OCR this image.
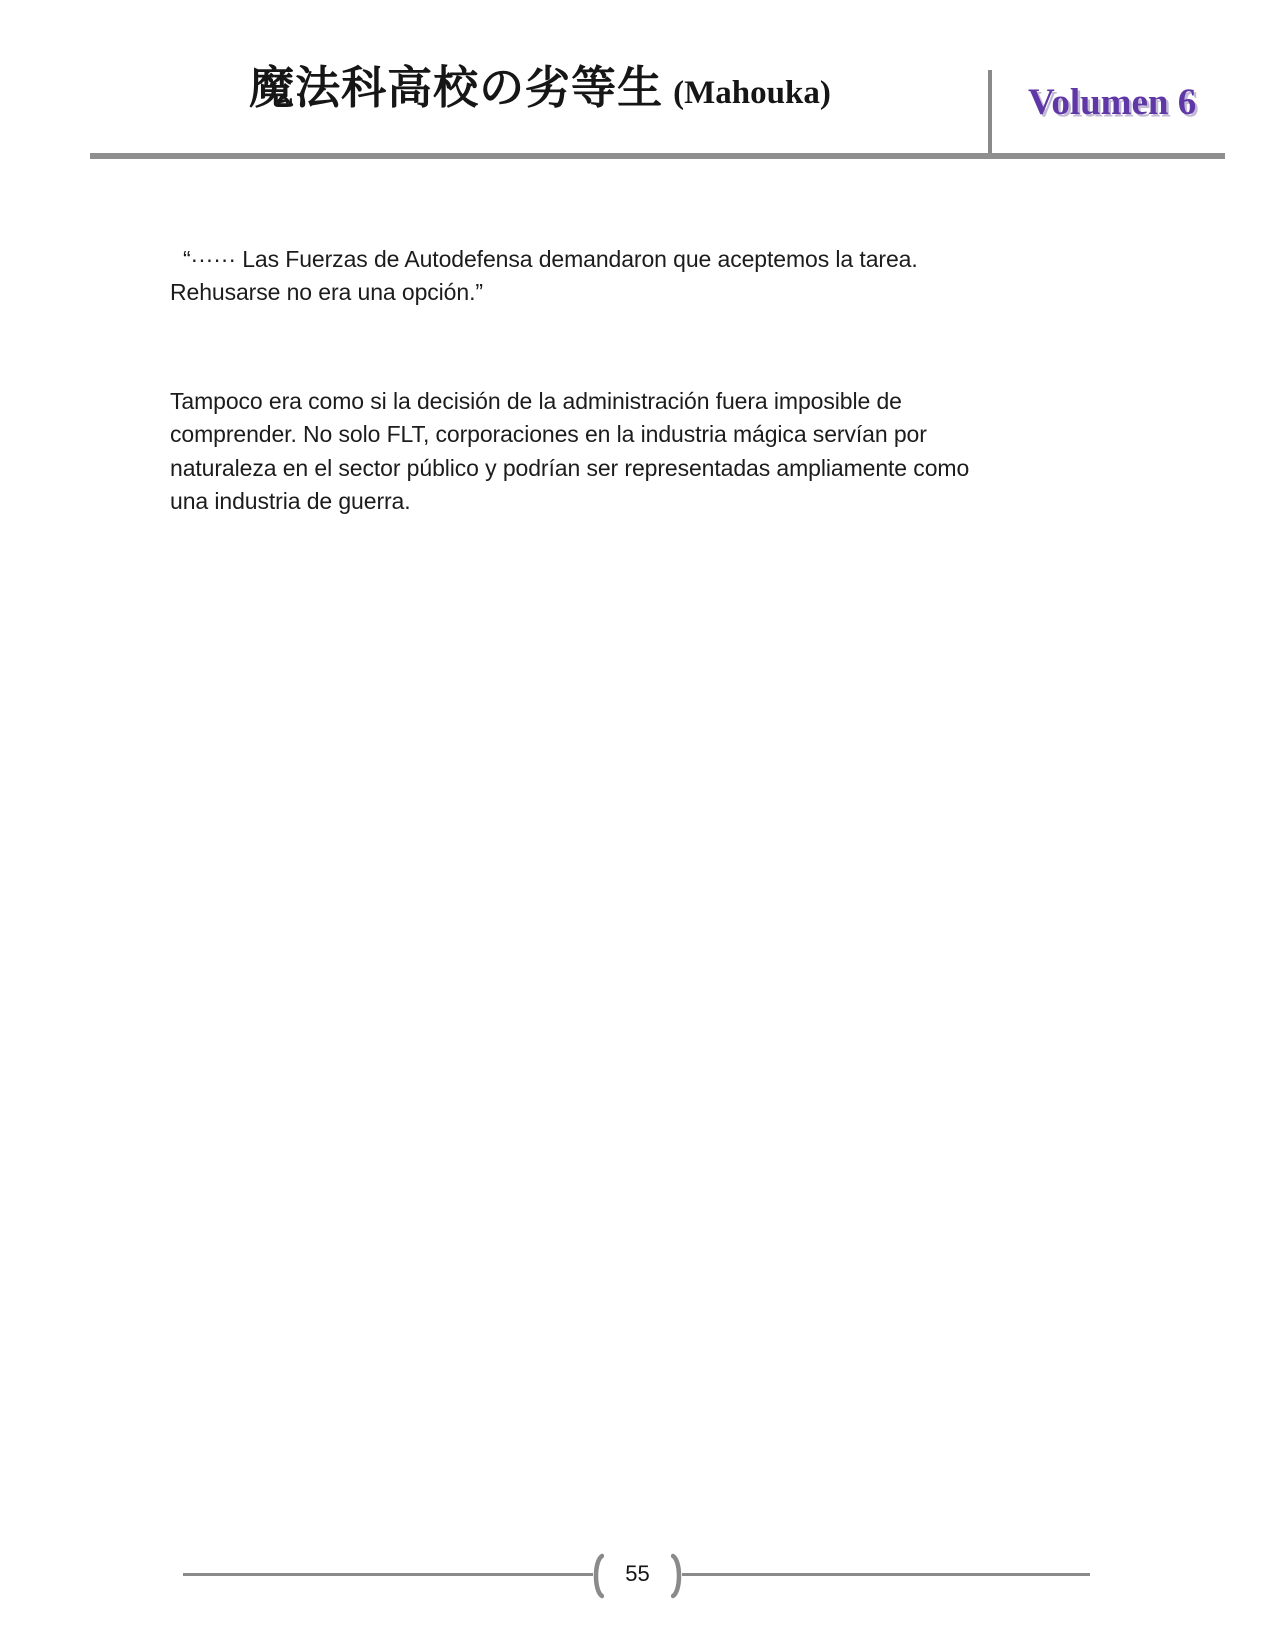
魔法科高校の劣等生 (Mahouka)	Volumen 6
“······ Las Fuerzas de Autodefensa demandaron que aceptemos la tarea.
Rehusarse no era una opción.”
Tampoco era como si la decisión de la administración fuera imposible de
comprender. No solo FLT, corporaciones en la industria mágica servían por
naturaleza en el sector público y podrían ser representadas ampliamente como
una industria de guerra.
55
